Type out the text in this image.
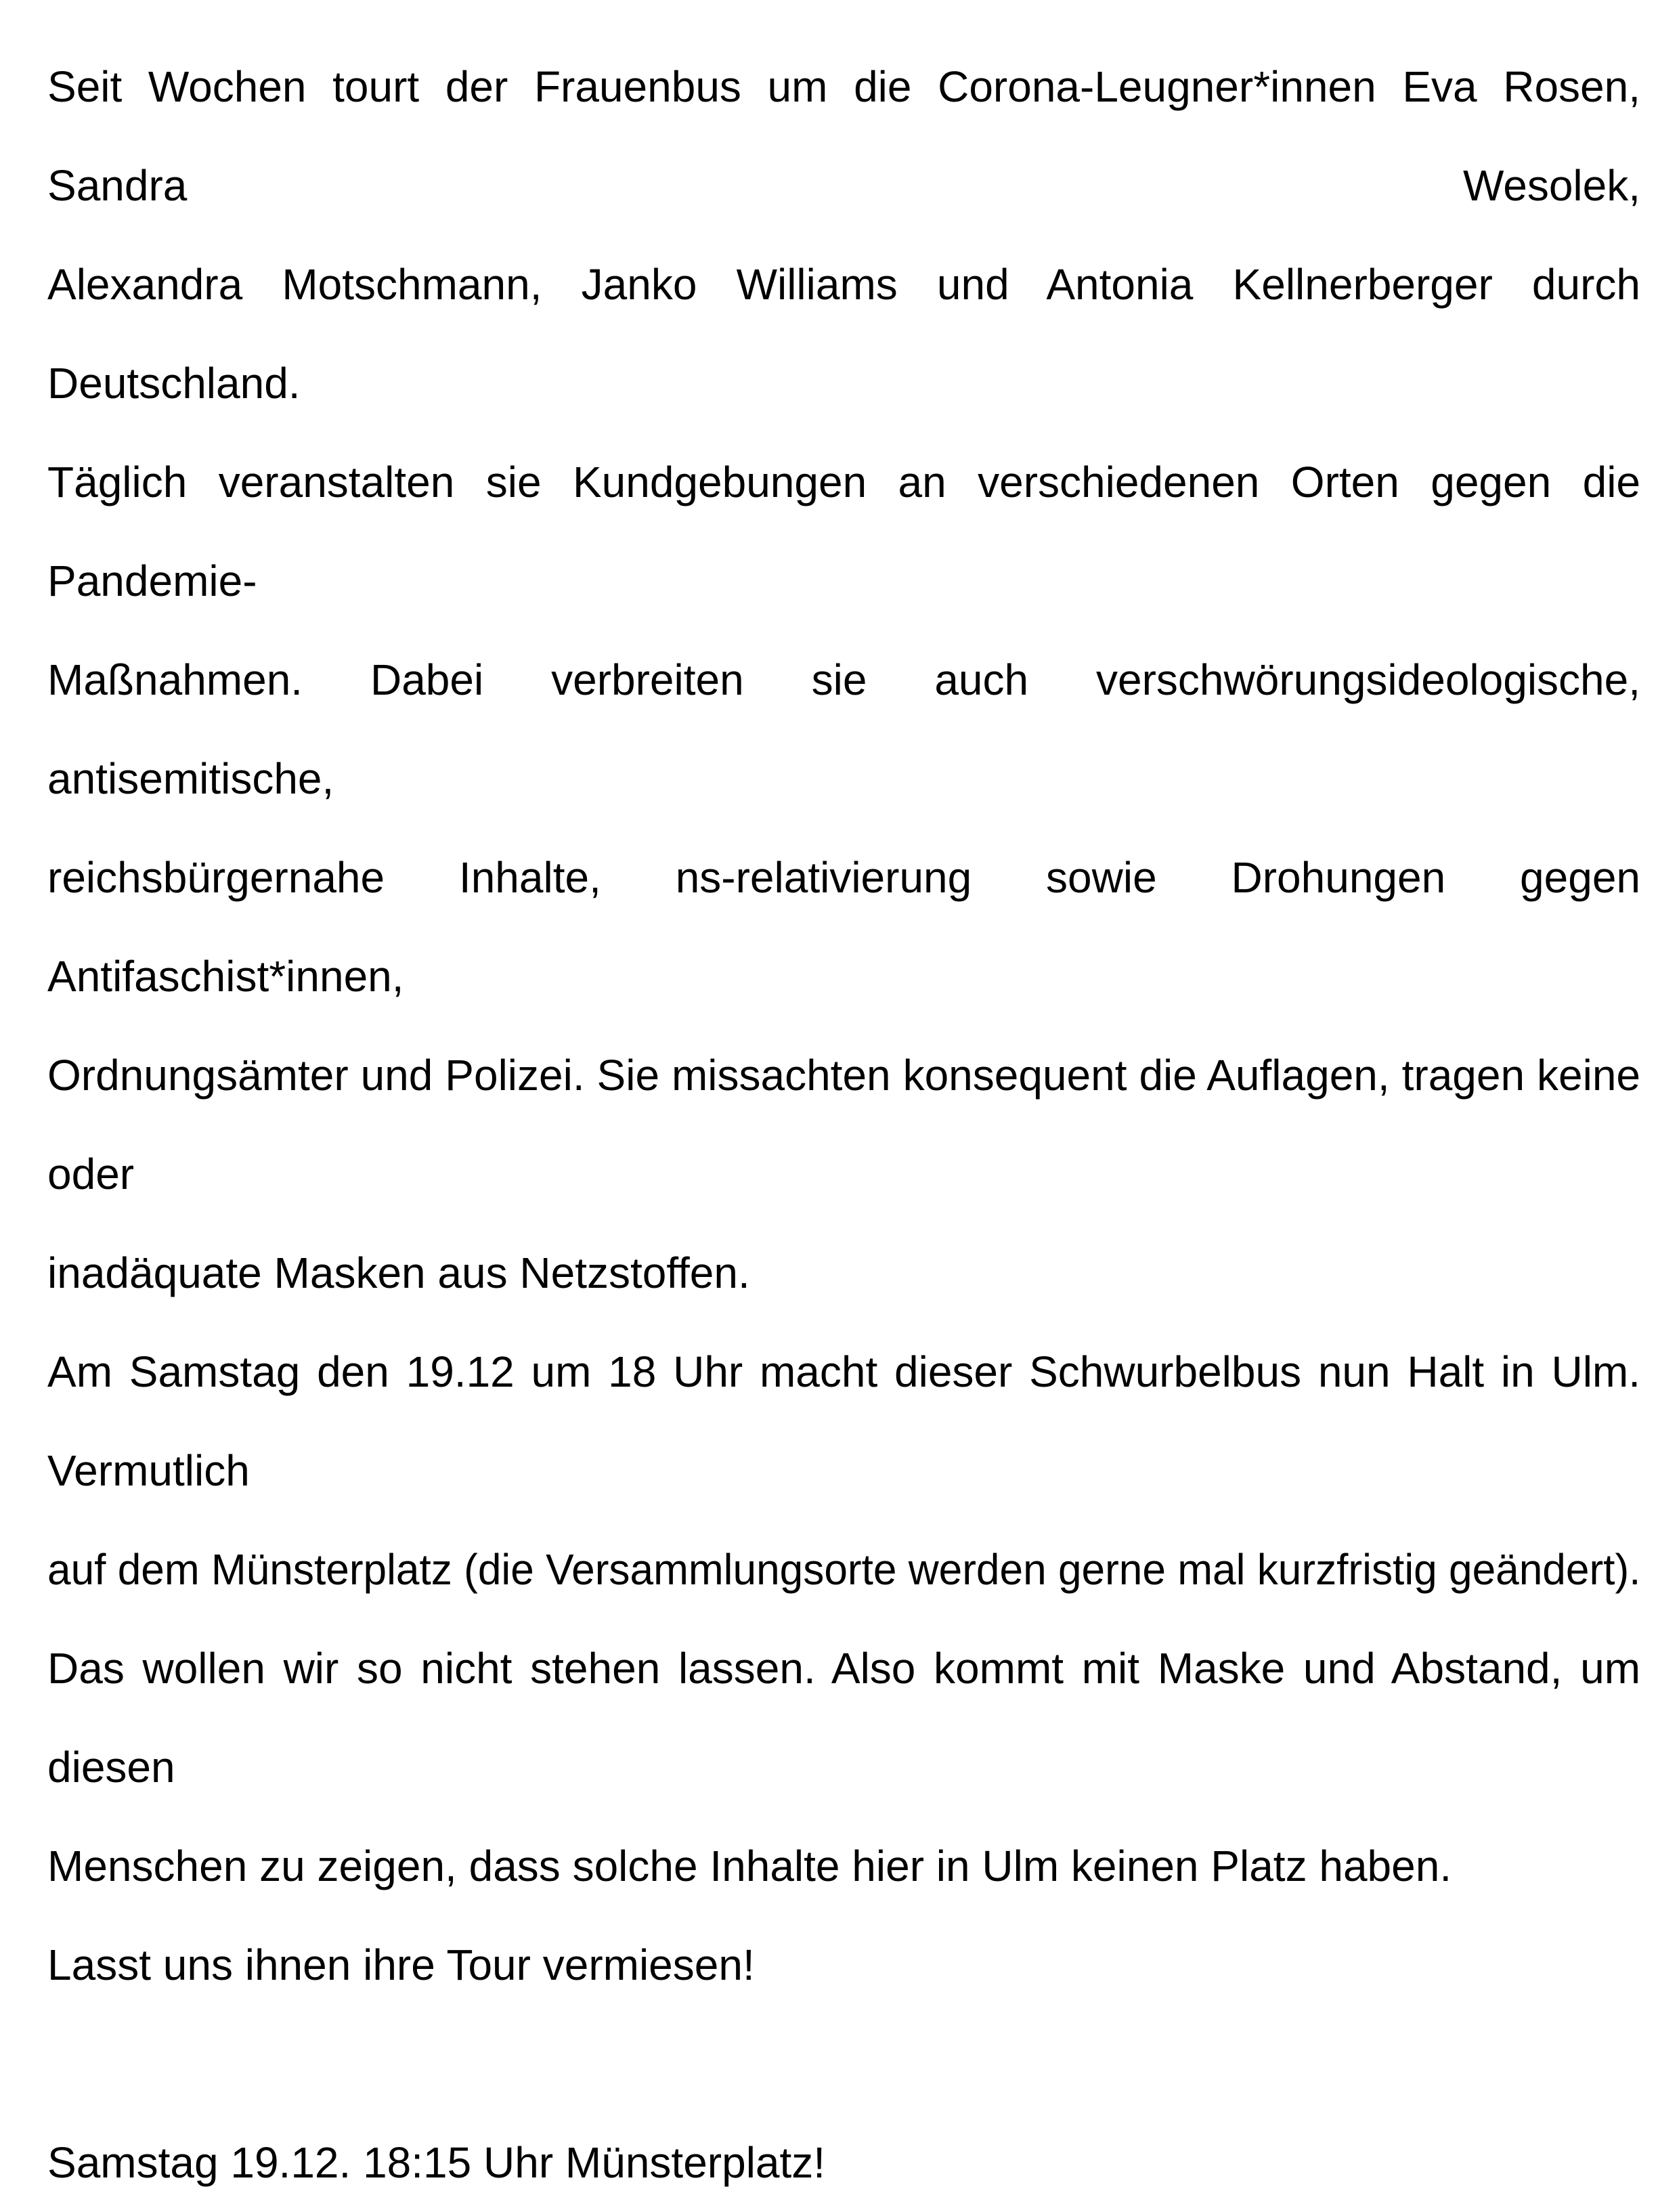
Seit Wochen tourt der Frauenbus um die Corona-Leugner*innen Eva Rosen, Sandra Wesolek,
Alexandra Motschmann, Janko Williams und Antonia Kellnerberger durch Deutschland.
Täglich veranstalten sie Kundgebungen an verschiedenen Orten gegen die Pandemie-
Maßnahmen. Dabei verbreiten sie auch verschwörungsideologische, antisemitische,
reichsbürgernahe Inhalte, ns-relativierung sowie Drohungen gegen Antifaschist*innen,
Ordnungsämter und Polizei. Sie missachten konsequent die Auflagen, tragen keine oder
inadäquate Masken aus Netzstoffen.
Am Samstag den 19.12 um 18 Uhr macht dieser Schwurbelbus nun Halt in Ulm. Vermutlich
auf dem Münsterplatz (die Versammlungsorte werden gerne mal kurzfristig geändert).
Das wollen wir so nicht stehen lassen. Also kommt mit Maske und Abstand, um diesen
Menschen zu zeigen, dass solche Inhalte hier in Ulm keinen Platz haben.
Lasst uns ihnen ihre Tour vermiesen!
Samstag 19.12. 18:15 Uhr Münsterplatz!
